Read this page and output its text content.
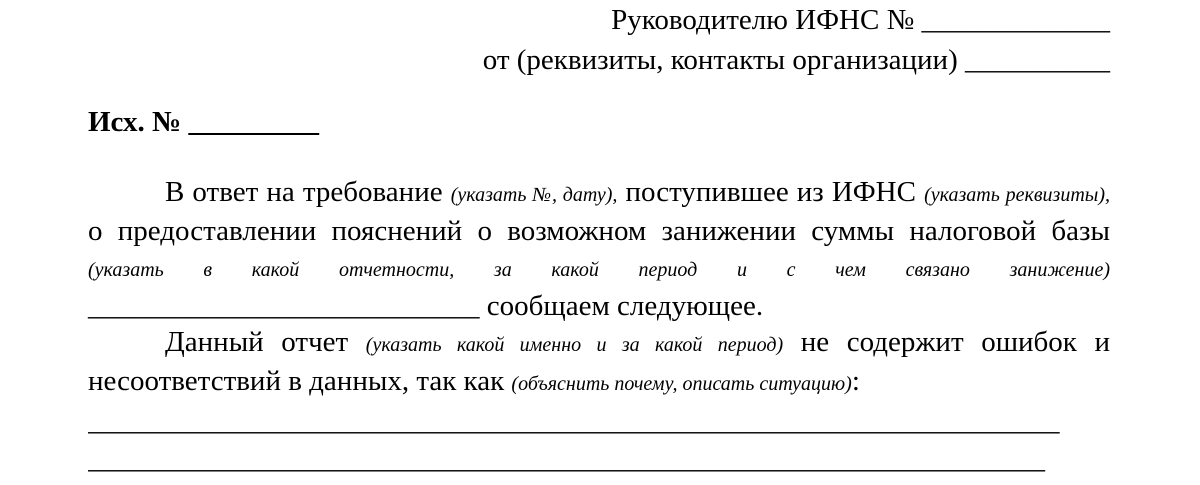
Руководителю ИФНС № _____________
от (реквизиты, контакты организации) __________
Исх. № _________

В ответ на требование (указать №, дату), поступившее из ИФНС (указать реквизиты), о предоставлении пояснений о возможном занижении суммы налоговой базы (указать в какой отчетности, за какой период и с чем связано занижение) ___________________________ сообщаем следующее.

Данный отчет (указать какой именно и за какой период) не содержит ошибок и несоответствий в данных, так как (объяснить почему, описать ситуацию):

___________________________________________________________________

__________________________________________________________________
